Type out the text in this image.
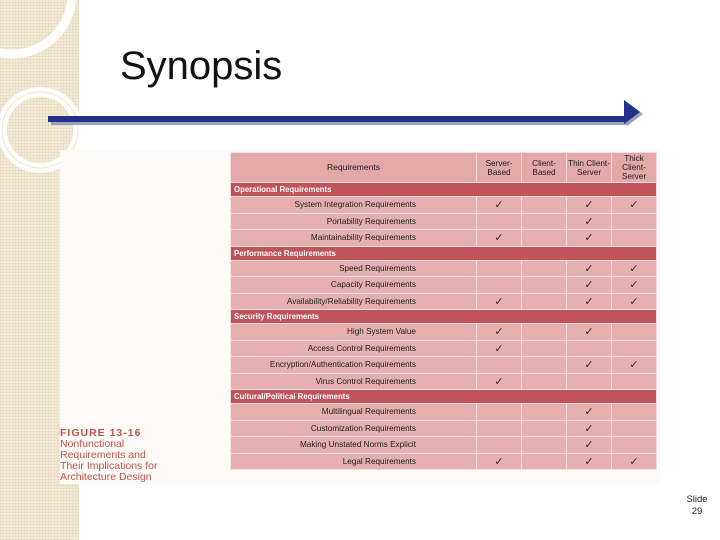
Synopsis
FIGURE 13-16
Nonfunctional
Requirements and
Their Implications for
Architecture Design
Requirements	Server-Based	Client-Based	Thin Client-Server	Thick Client-Server
Operational Requirements				
System Integration Requirements	✓		✓	✓
Portability Requirements			✓	
Maintainability Requirements	✓		✓	
Performance Requirements				
Speed Requirements			✓	✓
Capacity Requirements			✓	✓
Availability/Reliability Requirements	✓		✓	✓
Security Requirements				
High System Value	✓		✓	
Access Control Requirements	✓			
Encryption/Authentication Requirements			✓	✓
Virus Control Requirements	✓			
Cultural/Political Requirements				
Multilingual Requirements			✓	
Customization Requirements			✓	
Making Unstated Norms Explicit			✓	
Legal Requirements	✓		✓	✓
Slide
29
